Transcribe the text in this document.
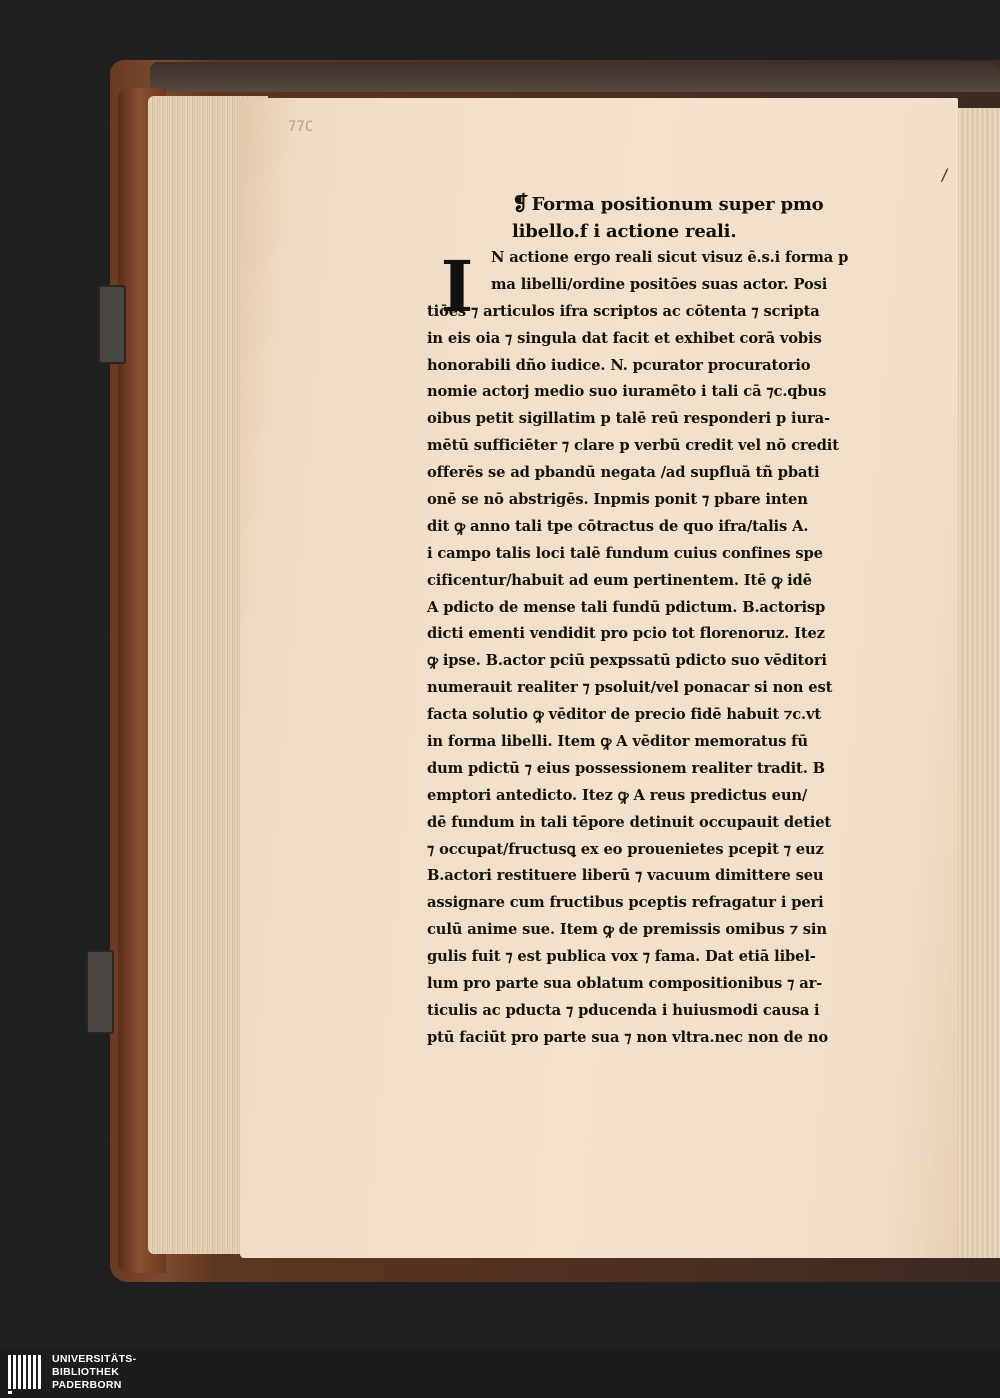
77C
/
❡ Forma positionum super pmo
libello.f i actione reali.
I	N actione ergo reali sicut visuz ē.s.i forma p
ma libelli/ordine positōes suas actor. Posi
tiōes ⁊ articulos ifra scriptos ac cōtenta ⁊ scripta
in eis oia ⁊ singula dat facit et exhibet corā vobis
honorabili dño iudice. N. pcurator procuratorio
nomie actorj medio suo iuramēto i tali cā ⁊c.qbus
oibus petit sigillatim p talē reū responderi p iura-
mētū sufficiēter ⁊ clare p verbū credit vel nō credit
offerēs se ad pbandū negata /ad supfluā tñ pbati
onē se nō abstrigēs. Inpmis ponit ⁊ pbare inten
dit ꝙ anno tali tpe cōtractus de quo ifra/talis A.
i campo talis loci talē fundum cuius confines spe
cificentur/habuit ad eum pertinentem. Itē ꝙ idē
A pdicto de mense tali fundū pdictum. B.actorisp
dicti ementi vendidit pro pcio tot florenoruz. Itez
ꝙ ipse. B.actor pciū pexpssatū pdicto suo vēditori
numerauit realiter ⁊ psoluit/vel ponacar si non est
facta solutio ꝙ vēditor de precio fidē habuit ⁊c.vt
in forma libelli. Item ꝙ A vēditor memoratus fū
dum pdictū ⁊ eius possessionem realiter tradit. B
emptori antedicto. Itez ꝙ A reus predictus eun/
dē fundum in tali tēpore detinuit occupauit detiet
⁊ occupat/fructusꝗ ex eo prouenietes pcepit ⁊ euz
B.actori restituere liberū ⁊ vacuum dimittere seu
assignare cum fructibus pceptis refragatur i peri
culū anime sue. Item ꝙ de premissis omibus ⁊ sin
gulis fuit ⁊ est publica vox ⁊ fama. Dat etiā libel-
lum pro parte sua oblatum compositionibus ⁊ ar-
ticulis ac pducta ⁊ pducenda i huiusmodi causa i
ptū faciūt pro parte sua ⁊ non vltra.nec non de no
UNIVERSITÄTS-
BIBLIOTHEK
PADERBORN
